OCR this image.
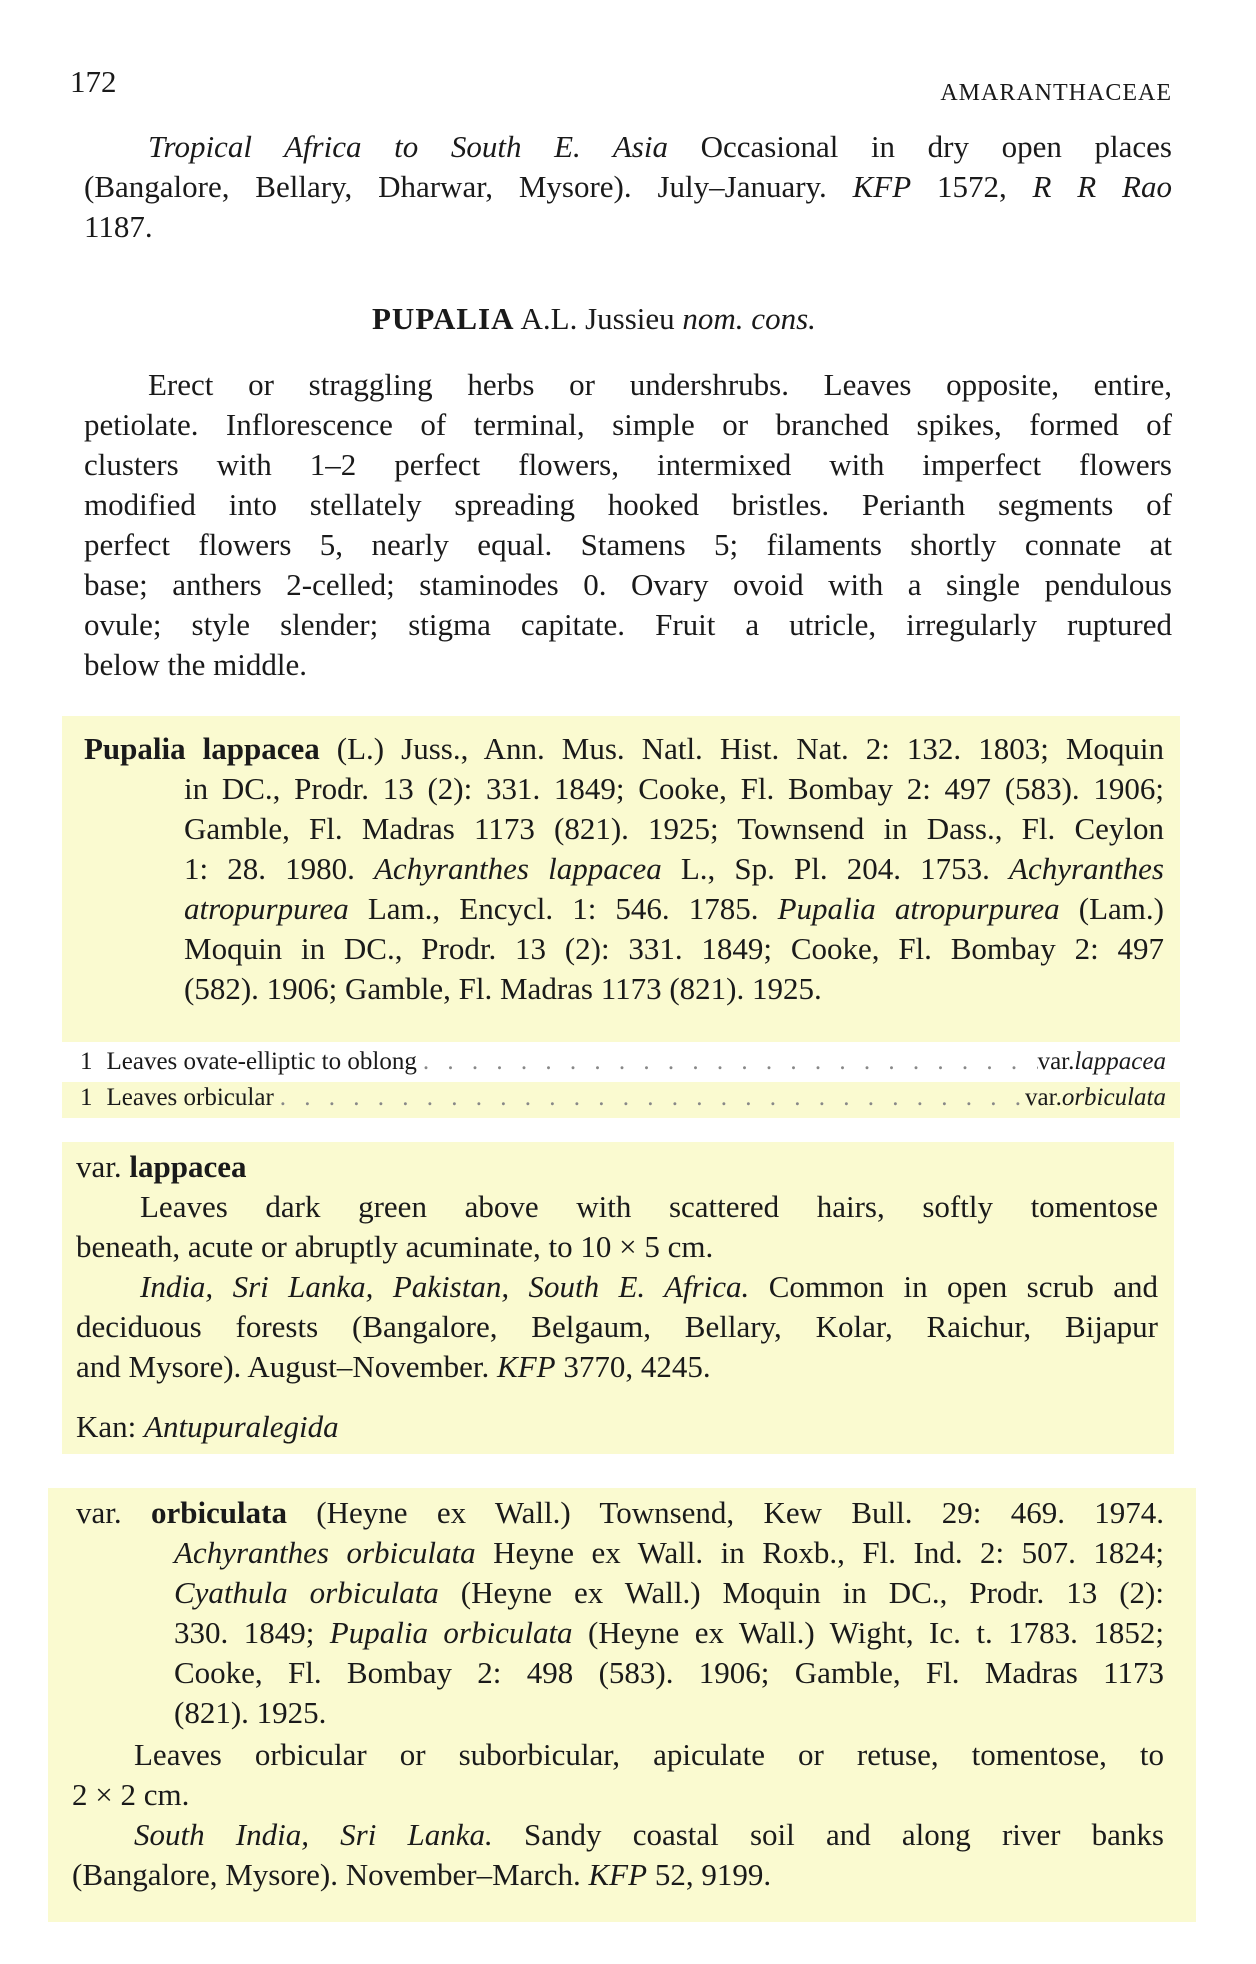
172	AMARANTHACEAE
Tropical Africa to South E. Asia Occasional in dry open places
(Bangalore, Bellary, Dharwar, Mysore). July–January. KFP 1572, R R Rao
1187.
PUPALIA A.L. Jussieu nom. cons.
Erect or straggling herbs or undershrubs. Leaves opposite, entire,
petiolate. Inflorescence of terminal, simple or branched spikes, formed of
clusters with 1–2 perfect flowers, intermixed with imperfect flowers
modified into stellately spreading hooked bristles. Perianth segments of
perfect flowers 5, nearly equal. Stamens 5; filaments shortly connate at
base; anthers 2-celled; staminodes 0. Ovary ovoid with a single pendulous
ovule; style slender; stigma capitate. Fruit a utricle, irregularly ruptured
below the middle.
Pupalia lappacea (L.) Juss., Ann. Mus. Natl. Hist. Nat. 2: 132. 1803; Moquin
in DC., Prodr. 13 (2): 331. 1849; Cooke, Fl. Bombay 2: 497 (583). 1906;
Gamble, Fl. Madras 1173 (821). 1925; Townsend in Dass., Fl. Ceylon
1: 28. 1980. Achyranthes lappacea L., Sp. Pl. 204. 1753. Achyranthes
atropurpurea Lam., Encycl. 1: 546. 1785. Pupalia atropurpurea (Lam.)
Moquin in DC., Prodr. 13 (2): 331. 1849; Cooke, Fl. Bombay 2: 497
(582). 1906; Gamble, Fl. Madras 1173 (821). 1925.
1 Leaves ovate-elliptic to oblong . . .	var. lappacea
1 Leaves orbicular . . .	var. orbiculata
var. lappacea
Leaves dark green above with scattered hairs, softly tomentose
beneath, acute or abruptly acuminate, to 10 × 5 cm.
India, Sri Lanka, Pakistan, South E. Africa. Common in open scrub and
deciduous forests (Bangalore, Belgaum, Bellary, Kolar, Raichur, Bijapur
and Mysore). August–November. KFP 3770, 4245.
Kan: Antupuralegida
var. orbiculata (Heyne ex Wall.) Townsend, Kew Bull. 29: 469. 1974.
Achyranthes orbiculata Heyne ex Wall. in Roxb., Fl. Ind. 2: 507. 1824;
Cyathula orbiculata (Heyne ex Wall.) Moquin in DC., Prodr. 13 (2):
330. 1849; Pupalia orbiculata (Heyne ex Wall.) Wight, Ic. t. 1783. 1852;
Cooke, Fl. Bombay 2: 498 (583). 1906; Gamble, Fl. Madras 1173
(821). 1925.
Leaves orbicular or suborbicular, apiculate or retuse, tomentose, to
2 × 2 cm.
South India, Sri Lanka. Sandy coastal soil and along river banks
(Bangalore, Mysore). November–March. KFP 52, 9199.
